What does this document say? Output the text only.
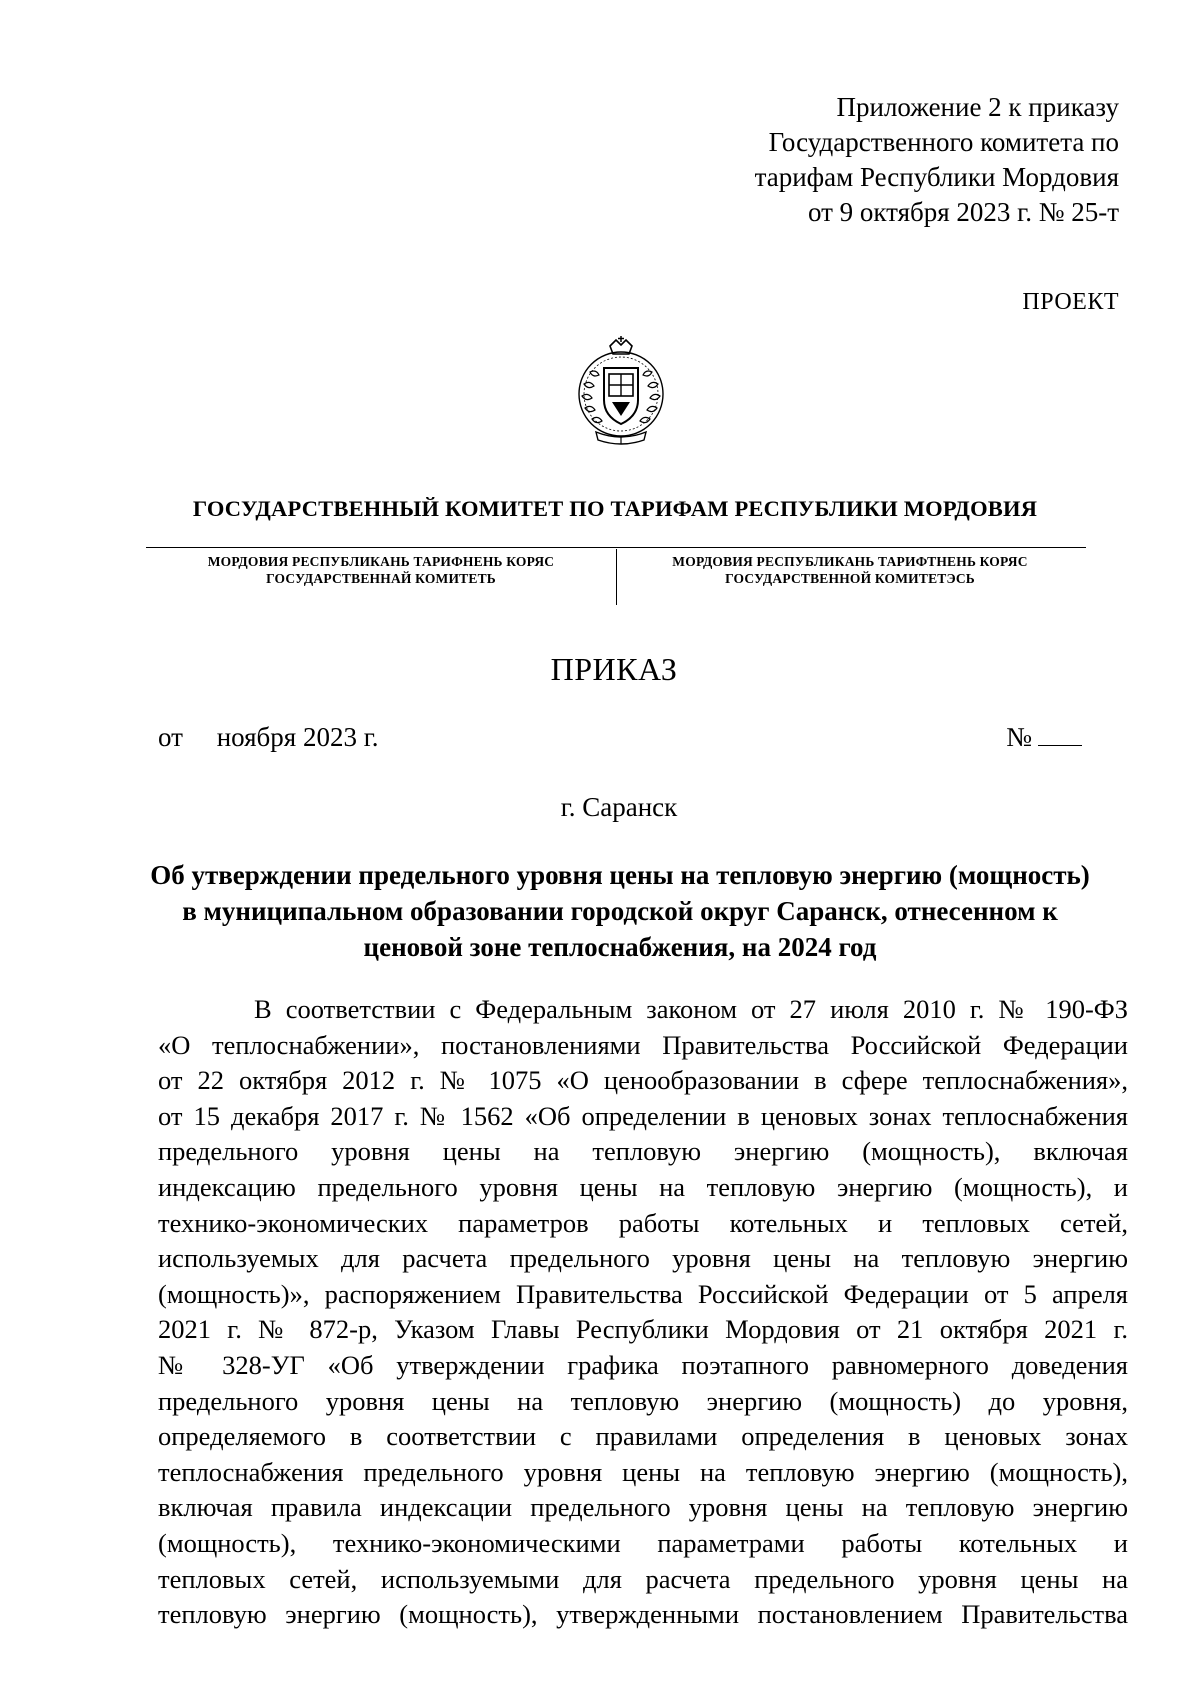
Приложение 2 к приказу
Государственного комитета по
тарифам Республики Мордовия
от 9 октября 2023 г. № 25-т
ПРОЕКТ
ГОСУДАРСТВЕННЫЙ КОМИТЕТ ПО ТАРИФАМ РЕСПУБЛИКИ МОРДОВИЯ
МОРДОВИЯ РЕСПУБЛИКАНЬ ТАРИФНЕНЬ КОРЯС
ГОСУДАРСТВЕННАЙ КОМИТЕТЬ
МОРДОВИЯ РЕСПУБЛИКАНЬ ТАРИФТНЕНЬ КОРЯС
ГОСУДАРСТВЕННОЙ КОМИТЕТЭСЬ
ПРИКАЗ
от ноября 2023 г.	№
г. Саранск
Об утверждении предельного уровня цены на тепловую энергию (мощность)
в муниципальном образовании городской округ Саранск, отнесенном к
ценовой зоне теплоснабжения, на 2024 год
В соответствии с Федеральным законом от 27 июля 2010 г. № 190-ФЗ
«О теплоснабжении», постановлениями Правительства Российской Федерации
от 22 октября 2012 г. № 1075 «О ценообразовании в сфере теплоснабжения»,
от 15 декабря 2017 г. № 1562 «Об определении в ценовых зонах теплоснабжения
предельного уровня цены на тепловую энергию (мощность), включая
индексацию предельного уровня цены на тепловую энергию (мощность), и
технико-экономических параметров работы котельных и тепловых сетей,
используемых для расчета предельного уровня цены на тепловую энергию
(мощность)», распоряжением Правительства Российской Федерации от 5 апреля
2021 г. № 872-р, Указом Главы Республики Мордовия от 21 октября 2021 г.
№ 328-УГ «Об утверждении графика поэтапного равномерного доведения
предельного уровня цены на тепловую энергию (мощность) до уровня,
определяемого в соответствии с правилами определения в ценовых зонах
теплоснабжения предельного уровня цены на тепловую энергию (мощность),
включая правила индексации предельного уровня цены на тепловую энергию
(мощность), технико-экономическими параметрами работы котельных и
тепловых сетей, используемыми для расчета предельного уровня цены на
тепловую энергию (мощность), утвержденными постановлением Правительства
